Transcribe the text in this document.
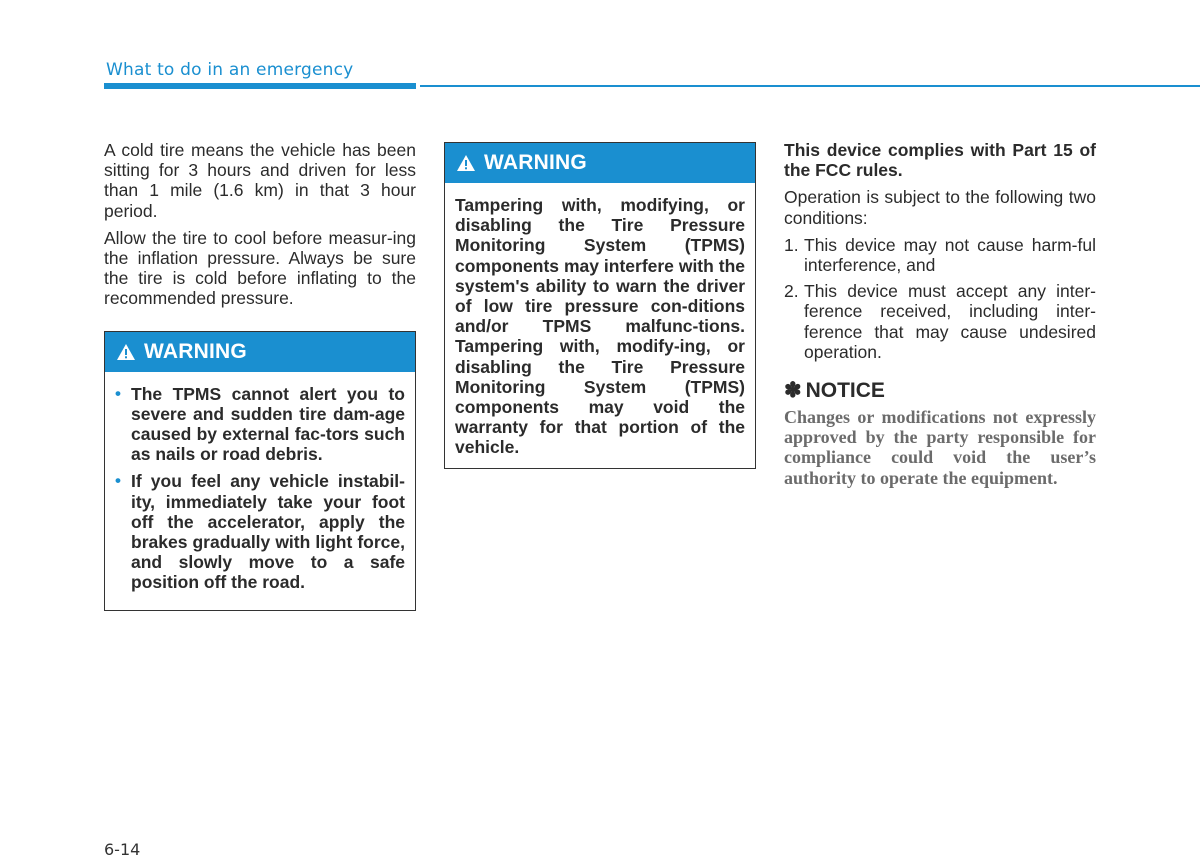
What to do in an emergency

A cold tire means the vehicle has been sitting for 3 hours and driven for less than 1 mile (1.6 km) in that 3 hour period.

Allow the tire to cool before measur-ing the inflation pressure. Always be sure the tire is cold before inflating to the recommended pressure.

WARNING
• The TPMS cannot alert you to severe and sudden tire dam-age caused by external fac-tors such as nails or road debris.

• If you feel any vehicle instabil-ity, immediately take your foot off the accelerator, apply the brakes gradually with light force, and slowly move to a safe position off the road.

WARNING

Tampering with, modifying, or disabling the Tire Pressure Monitoring System (TPMS) components may interfere with the system's ability to warn the driver of low tire pressure con-ditions and/or TPMS malfunc-tions. Tampering with, modify-ing, or disabling the Tire Pressure Monitoring System (TPMS) components may void the warranty for that portion of the vehicle.

This device complies with Part 15 of the FCC rules.

Operation is subject to the following two conditions:

1. This device may not cause harm-ful interference, and
2. This device must accept any inter-ference received, including inter-ference that may cause undesired operation.
✽ NOTICE

Changes or modifications not expressly approved by the party responsible for compliance could void the user’s authority to operate the equipment.

6-14
